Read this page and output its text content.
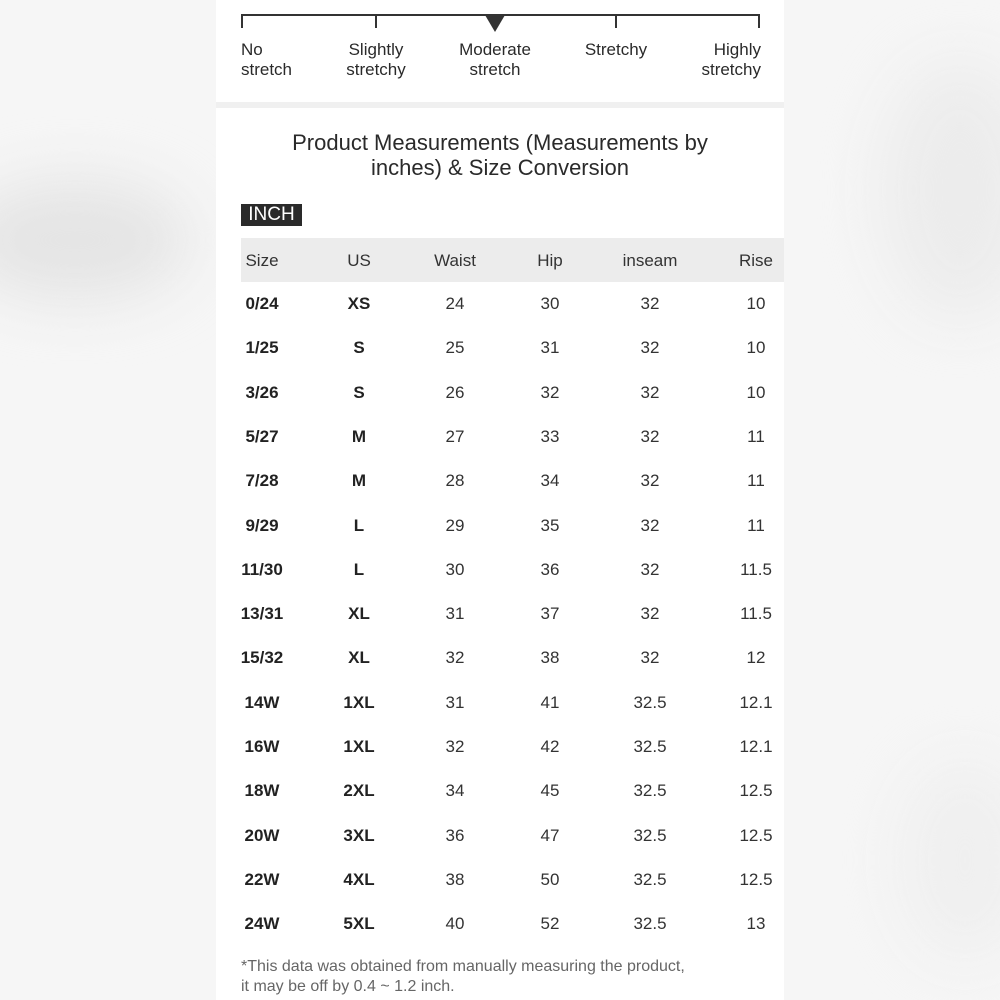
No
stretch
Slightly
stretchy
Moderate
stretch
Stretchy	Highly
stretchy
Product Measurements (Measurements by
inches) & Size Conversion
INCH
Size	US	Waist	Hip	inseam	Rise
0/24	XS	24	30	32	10
1/25	S	25	31	32	10
3/26	S	26	32	32	10
5/27	M	27	33	32	11
7/28	M	28	34	32	11
9/29	L	29	35	32	11
11/30	L	30	36	32	11.5
13/31	XL	31	37	32	11.5
15/32	XL	32	38	32	12
14W	1XL	31	41	32.5	12.1
16W	1XL	32	42	32.5	12.1
18W	2XL	34	45	32.5	12.5
20W	3XL	36	47	32.5	12.5
22W	4XL	38	50	32.5	12.5
24W	5XL	40	52	32.5	13
*This data was obtained from manually measuring the product,
it may be off by 0.4 ~ 1.2 inch.
